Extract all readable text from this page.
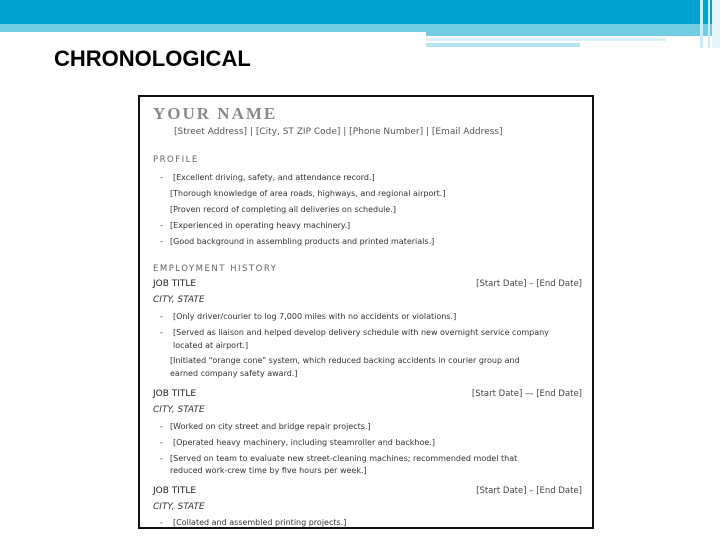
CHRONOLOGICAL
YOUR NAME
[Street Address] | [City, ST ZIP Code] | [Phone Number] | [Email Address]
PROFILE
- [Excellent driving, safety, and attendance record.]
[Thorough knowledge of area roads, highways, and regional airport.]
[Proven record of completing all deliveries on schedule.]
- [Experienced in operating heavy machinery.]
- [Good background in assembling products and printed materials.]
EMPLOYMENT HISTORY
JOB TITLE	[Start Date] – [End Date]
CITY, STATE
- [Only driver/courier to log 7,000 miles with no accidents or violations.]
- [Served as liaison and helped develop delivery schedule with new overnight service company
located at airport.]
[Initiated "orange cone" system, which reduced backing accidents in courier group and
earned company safety award.]
JOB TITLE	[Start Date] — [End Date]
CITY, STATE
- [Worked on city street and bridge repair projects.]
- [Operated heavy machinery, including steamroller and backhoe.]
- [Served on team to evaluate new street-cleaning machines; recommended model that
reduced work-crew time by five hours per week.]
JOB TITLE	[Start Date] – [End Date]
CITY, STATE
- [Collated and assembled printing projects.]
